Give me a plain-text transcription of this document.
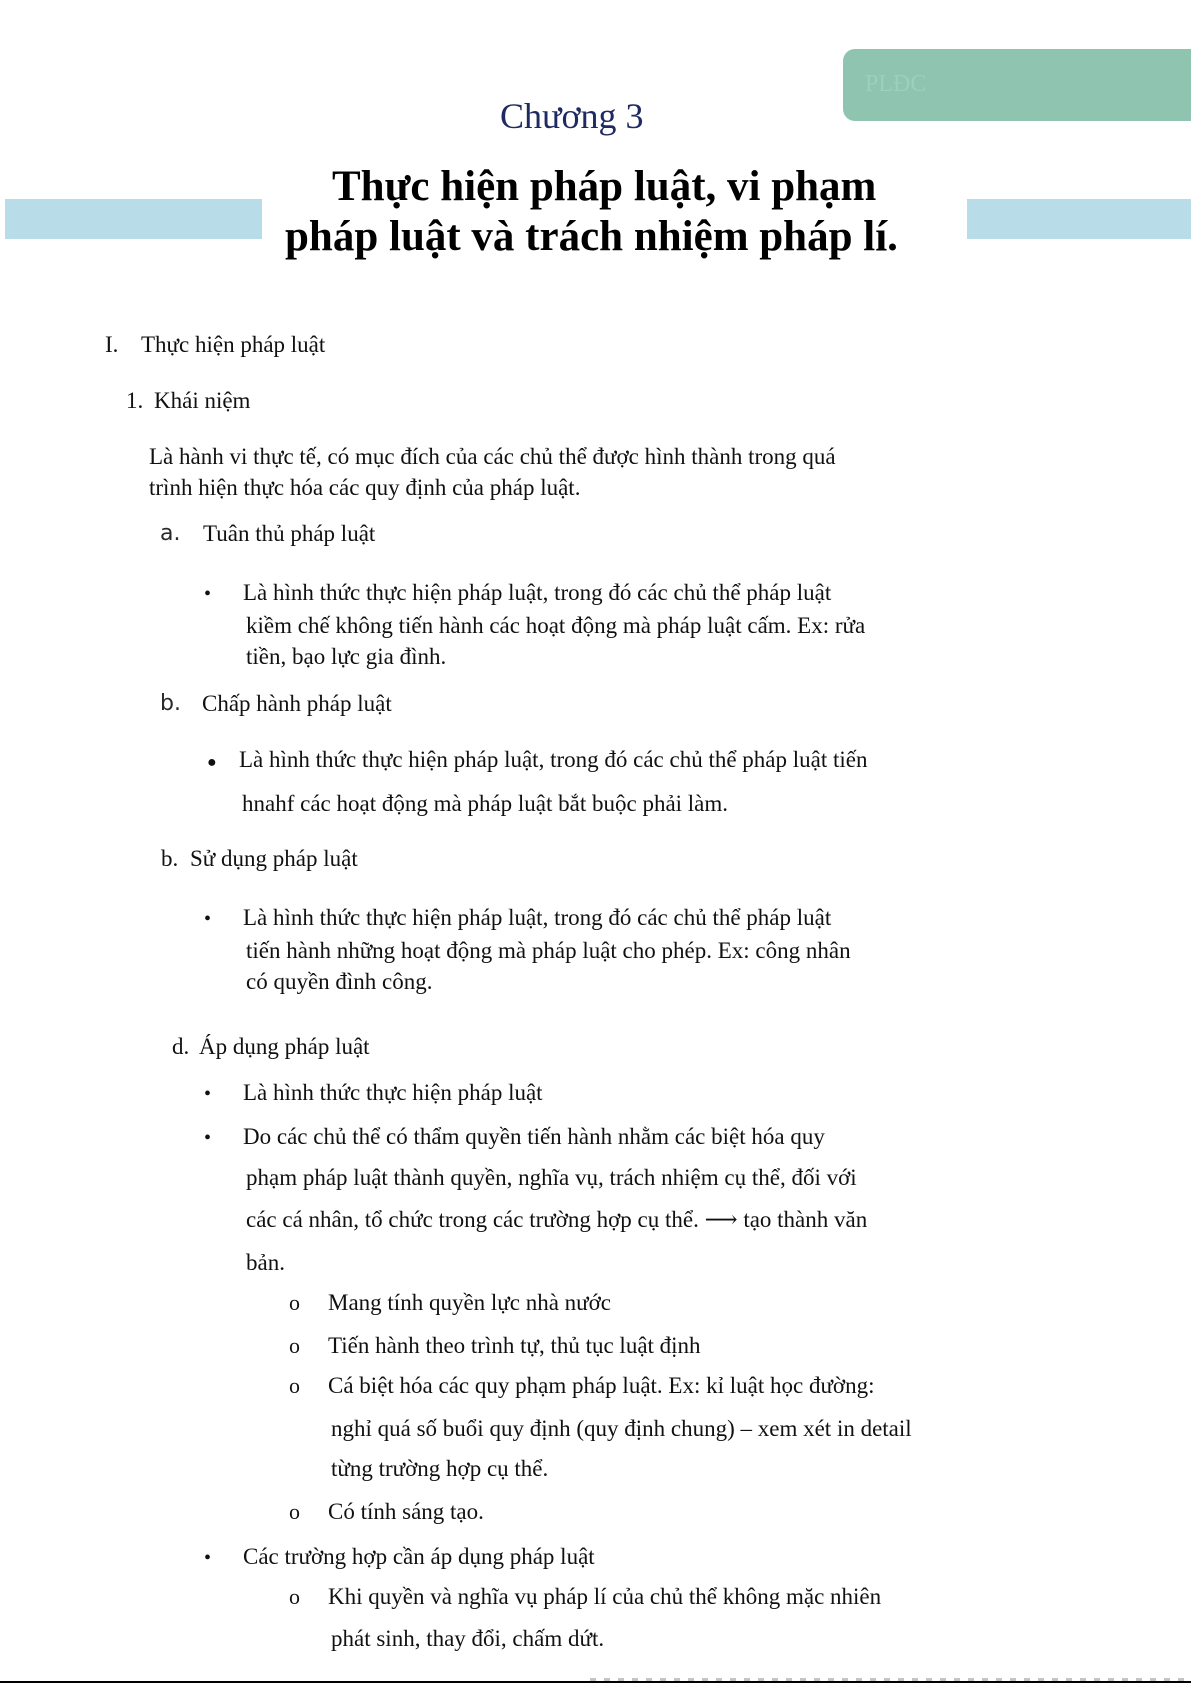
PLĐC
Chương 3
Thực hiện pháp luật, vi phạm
pháp luật và trách nhiệm pháp lí.
I. Thực hiện pháp luật
1. Khái niệm
Là hành vi thực tế, có mục đích của các chủ thể được hình thành trong quá
trình hiện thực hóa các quy định của pháp luật.
a. Tuân thủ pháp luật
• Là hình thức thực hiện pháp luật, trong đó các chủ thể pháp luật
kiềm chế không tiến hành các hoạt động mà pháp luật cấm. Ex: rửa
tiền, bạo lực gia đình.
b. Chấp hành pháp luật
● Là hình thức thực hiện pháp luật, trong đó các chủ thể pháp luật tiến
hnahf các hoạt động mà pháp luật bắt buộc phải làm.
b. Sử dụng pháp luật
• Là hình thức thực hiện pháp luật, trong đó các chủ thể pháp luật
tiến hành những hoạt động mà pháp luật cho phép. Ex: công nhân
có quyền đình công.
d. Áp dụng pháp luật
• Là hình thức thực hiện pháp luật
• Do các chủ thể có thẩm quyền tiến hành nhằm các biệt hóa quy
phạm pháp luật thành quyền, nghĩa vụ, trách nhiệm cụ thể, đối với
các cá nhân, tổ chức trong các trường hợp cụ thể. ⟶ tạo thành văn
bản.
o Mang tính quyền lực nhà nước
o Tiến hành theo trình tự, thủ tục luật định
o Cá biệt hóa các quy phạm pháp luật. Ex: kỉ luật học đường:
nghỉ quá số buổi quy định (quy định chung) – xem xét in detail
từng trường hợp cụ thể.
o Có tính sáng tạo.
• Các trường hợp cần áp dụng pháp luật
o Khi quyền và nghĩa vụ pháp lí của chủ thể không mặc nhiên
phát sinh, thay đổi, chấm dứt.
